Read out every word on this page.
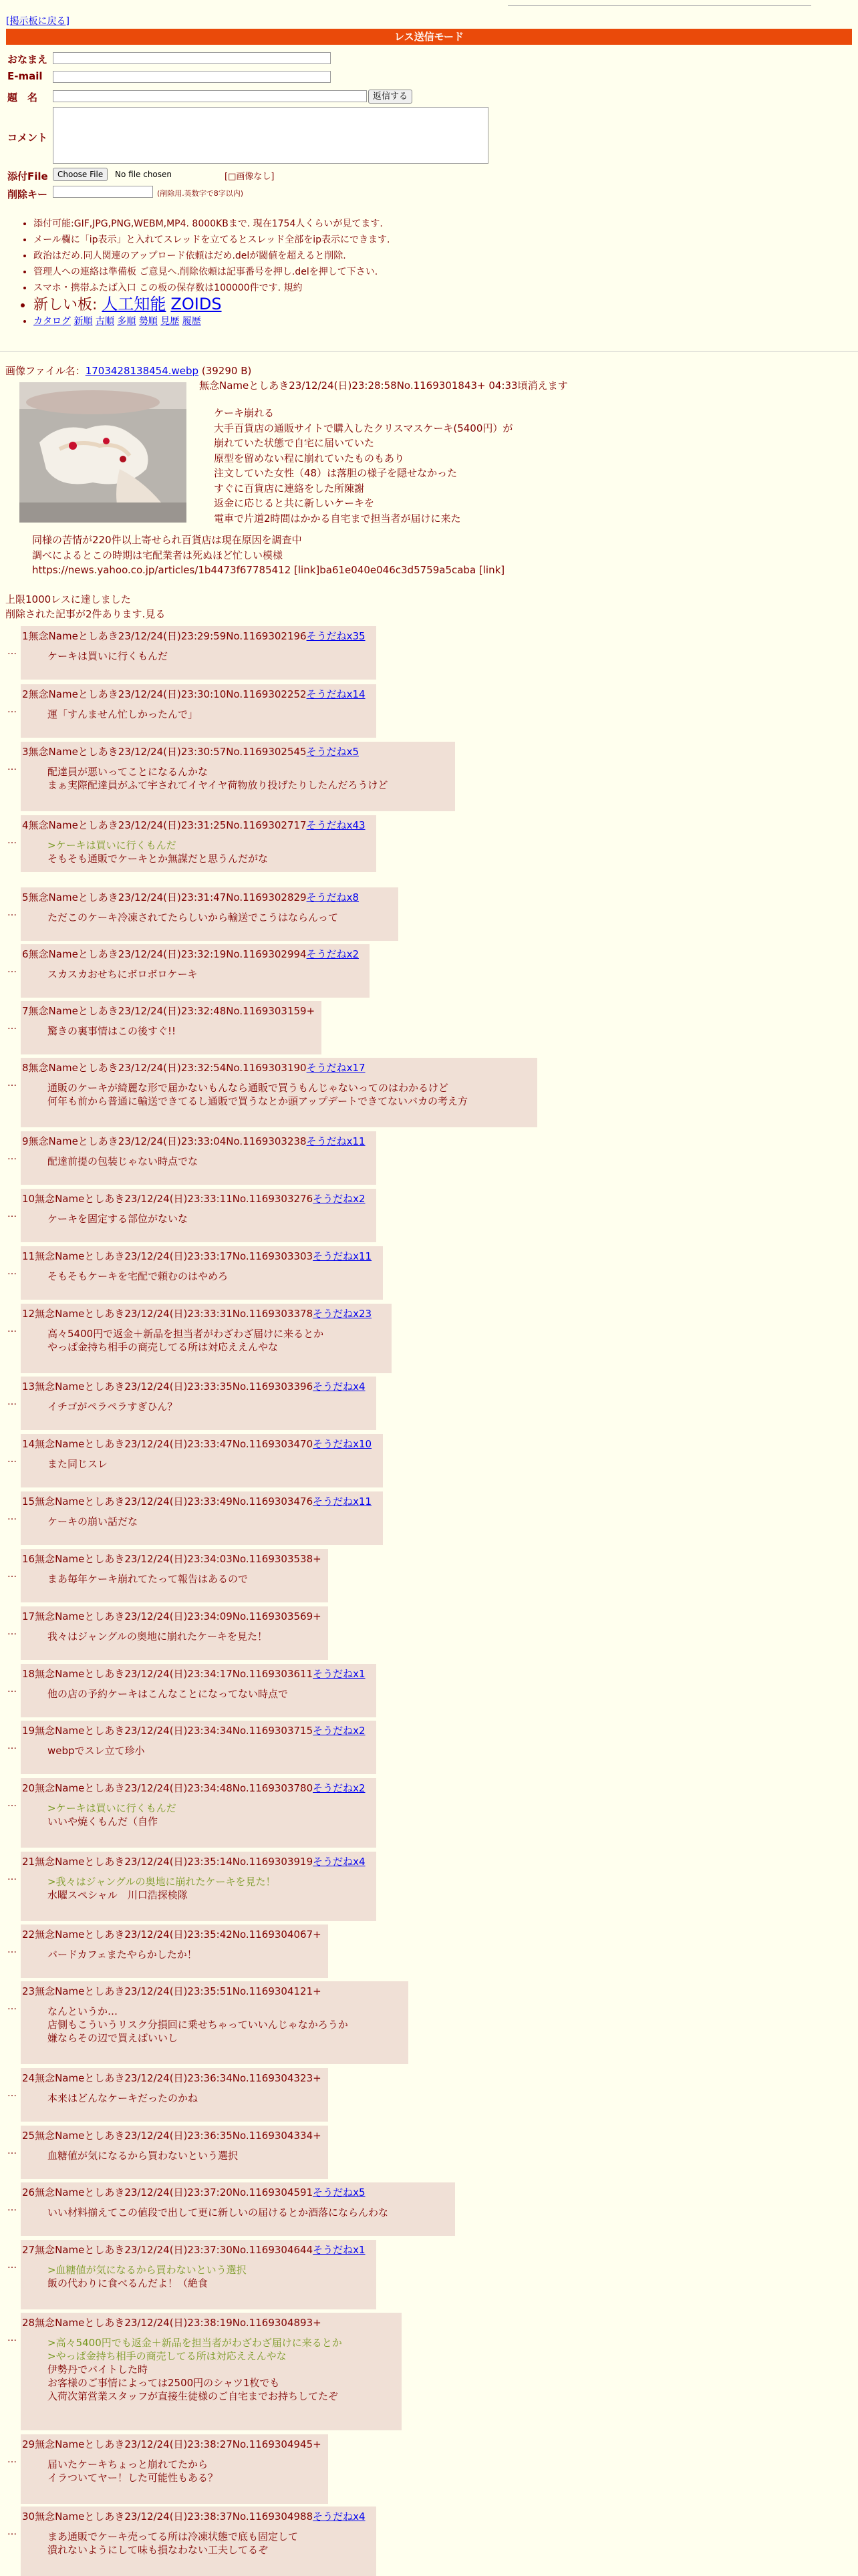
[掲示板に戻る]
レス送信モード
おなまえ
E-mail
題　名	返信する
コメント
添付File	Choose File	No file chosen	[□画像なし]
削除キー	(削除用.英数字で8字以内)
• 添付可能:GIF,JPG,PNG,WEBM,MP4. 8000KBまで. 現在1754人くらいが見てます.
• メール欄に「ip表示」と入れてスレッドを立てるとスレッド全部をip表示にできます.
• 政治はだめ.同人関連のアップロード依頼はだめ.delが閾値を超えると削除.
• 管理人への連絡は準備板 ご意見へ.削除依頼は記事番号を押し.delを押して下さい.
• スマホ・携帯ふたば入口 この板の保存数は100000件です. 規約
• 新しい板: 人工知能 ZOIDS
• カタログ 新順 古順 多順 勢順 見歴 履歴
画像ファイル名：1703428138454.webp (39290 B)
無念Nameとしあき23/12/24(日)23:28:58No.1169301843+ 04:33頃消えます
ケーキ崩れる
大手百貨店の通販サイトで購入したクリスマスケーキ(5400円）が
崩れていた状態で自宅に届いていた
原型を留めない程に崩れていたものもあり
注文していた女性（48）は落胆の様子を隠せなかった
すぐに百貨店に連絡をした所陳謝
返金に応じると共に新しいケーキを
電車で片道2時間はかかる自宅まで担当者が届けに来た
同様の苦情が220件以上寄せられ百貨店は現在原因を調査中
調べによるとこの時期は宅配業者は死ぬほど忙しい模様
https://news.yahoo.co.jp/articles/1b4473f67785412 [link]ba61e040e046c3d5759a5caba [link]
上限1000レスに達しました
削除された記事が2件あります.見る
…
1無念Nameとしあき23/12/24(日)23:29:59No.1169302196そうだねx35
ケーキは買いに行くもんだ
…
2無念Nameとしあき23/12/24(日)23:30:10No.1169302252そうだねx14
運「すんません忙しかったんで」
…
3無念Nameとしあき23/12/24(日)23:30:57No.1169302545そうだねx5
配達員が悪いってことになるんかな
まぁ実際配達員がふて宇されてイヤイヤ荷物放り投げたりしたんだろうけど
…
4無念Nameとしあき23/12/24(日)23:31:25No.1169302717そうだねx43
>ケーキは買いに行くもんだ
そもそも通販でケーキとか無謀だと思うんだがな
…
5無念Nameとしあき23/12/24(日)23:31:47No.1169302829そうだねx8
ただこのケーキ冷凍されてたらしいから輸送でこうはならんって
…
6無念Nameとしあき23/12/24(日)23:32:19No.1169302994そうだねx2
スカスカおせちにボロボロケーキ
…
7無念Nameとしあき23/12/24(日)23:32:48No.1169303159+
驚きの裏事情はこの後すぐ!!
…
8無念Nameとしあき23/12/24(日)23:32:54No.1169303190そうだねx17
通販のケーキが綺麗な形で届かないもんなら通販で買うもんじゃないってのはわかるけど
何年も前から普通に輸送できてるし通販で買うなとか頭アップデートできてないバカの考え方
…
9無念Nameとしあき23/12/24(日)23:33:04No.1169303238そうだねx11
配達前提の包装じゃない時点でな
…
10無念Nameとしあき23/12/24(日)23:33:11No.1169303276そうだねx2
ケーキを固定する部位がないな
…
11無念Nameとしあき23/12/24(日)23:33:17No.1169303303そうだねx11
そもそもケーキを宅配で頼むのはやめろ
…
12無念Nameとしあき23/12/24(日)23:33:31No.1169303378そうだねx23
高々5400円で返金＋新品を担当者がわざわざ届けに来るとか
やっぱ金持ち相手の商売してる所は対応ええんやな
…
13無念Nameとしあき23/12/24(日)23:33:35No.1169303396そうだねx4
イチゴがペラペラすぎひん？
…
14無念Nameとしあき23/12/24(日)23:33:47No.1169303470そうだねx10
また同じスレ
…
15無念Nameとしあき23/12/24(日)23:33:49No.1169303476そうだねx11
ケーキの崩い話だな
…
16無念Nameとしあき23/12/24(日)23:34:03No.1169303538+
まあ毎年ケーキ崩れてたって報告はあるので
…
17無念Nameとしあき23/12/24(日)23:34:09No.1169303569+
我々はジャングルの奥地に崩れたケーキを見た！
…
18無念Nameとしあき23/12/24(日)23:34:17No.1169303611そうだねx1
他の店の予約ケーキはこんなことになってない時点で
…
19無念Nameとしあき23/12/24(日)23:34:34No.1169303715そうだねx2
webpでスレ立て珍小
…
20無念Nameとしあき23/12/24(日)23:34:48No.1169303780そうだねx2
>ケーキは買いに行くもんだ
いいや焼くもんだ（自作
…
21無念Nameとしあき23/12/24(日)23:35:14No.1169303919そうだねx4
>我々はジャングルの奥地に崩れたケーキを見た！
水曜スペシャル　川口浩探検隊
…
22無念Nameとしあき23/12/24(日)23:35:42No.1169304067+
バードカフェまたやらかしたか！
…
23無念Nameとしあき23/12/24(日)23:35:51No.1169304121+
なんというか…
店側もこういうリスク分損回に乗せちゃっていいんじゃなかろうか
嫌ならその辺で買えばいいし
…
24無念Nameとしあき23/12/24(日)23:36:34No.1169304323+
本来はどんなケーキだったのかね
…
25無念Nameとしあき23/12/24(日)23:36:35No.1169304334+
血糖値が気になるから買わないという選択
…
26無念Nameとしあき23/12/24(日)23:37:20No.1169304591そうだねx5
いい材料揃えてこの値段で出して更に新しいの届けるとか酒落にならんわな
…
27無念Nameとしあき23/12/24(日)23:37:30No.1169304644そうだねx1
>血糖値が気になるから買わないという選択
飯の代わりに食べるんだよ！（絶食
…
28無念Nameとしあき23/12/24(日)23:38:19No.1169304893+
>高々5400円でも返金＋新品を担当者がわざわざ届けに来るとか
>やっぱ金持ち相手の商売してる所は対応ええんやな
伊勢丹でバイトした時
お客様のご事情によっては2500円のシャツ1枚でも
入荷次第営業スタッフが直接生徒様のご自宅までお持ちしてたぞ
…
29無念Nameとしあき23/12/24(日)23:38:27No.1169304945+
届いたケーキちょっと崩れてたから
イラついてヤー！した可能性もある？
…
30無念Nameとしあき23/12/24(日)23:38:37No.1169304988そうだねx4
まあ通販でケーキ売ってる所は冷凍状態で底も固定して
潰れないようにして味も損なわない工夫してるぞ
